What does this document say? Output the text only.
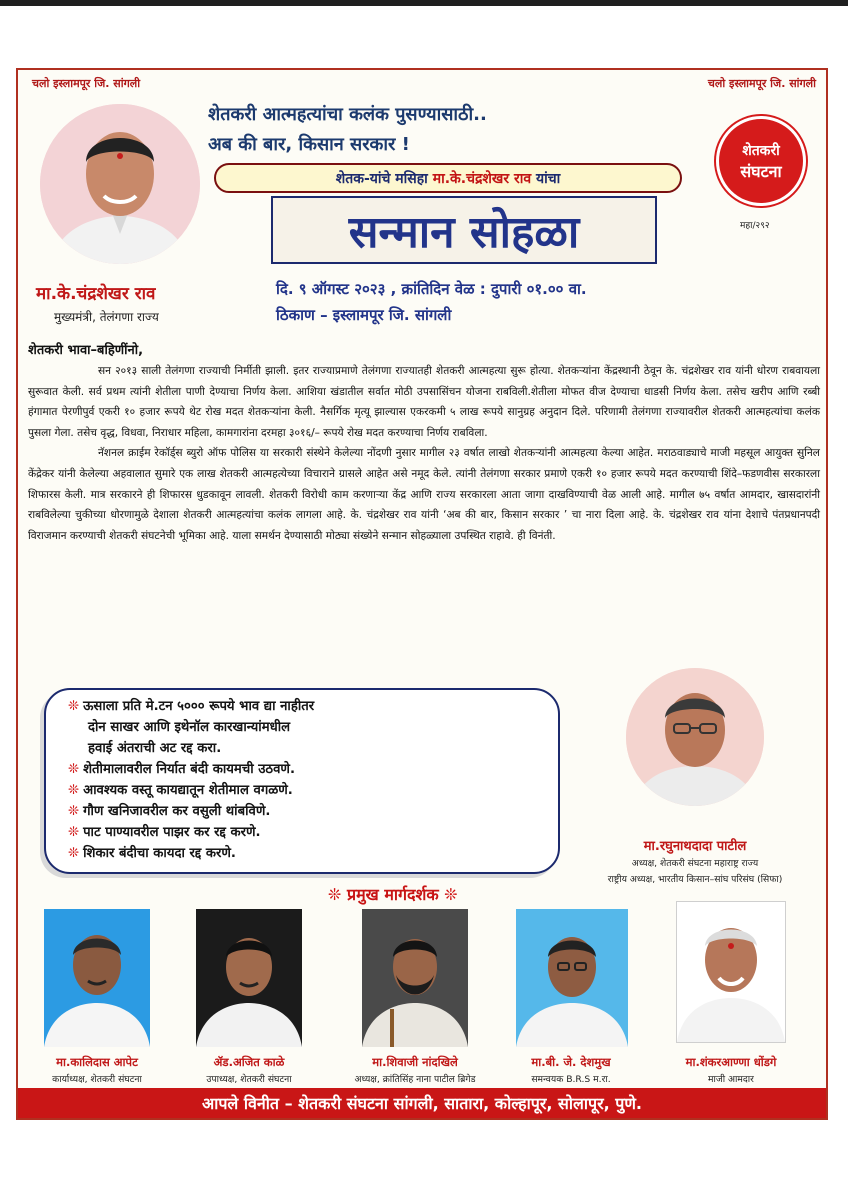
चलो इस्लामपूर जि. सांगली	चलो इस्लामपूर जि. सांगली
शेतकरी आत्महत्यांचा कलंक पुसण्यासाठी..
अब की बार, किसान सरकार !
शेतक-यांचे मसिहा
मा.के.चंद्रशेखर राव
यांचा
सन्मान सोहळा
शेतकरी
संघटना
महा/२९२
मा.के.चंद्रशेखर राव
मुख्यमंत्री, तेलंगणा राज्य
दि. ९ ऑगस्ट २०२३ , क्रांतिदिन वेळ : दुपारी ०१.०० वा.
ठिकाण – इस्लामपूर जि. सांगली
शेतकरी भावा–बहिणींनो,

सन २०१३ साली तेलंगणा राज्याची निर्मीती झाली. इतर राज्याप्रमाणे तेलंगणा राज्यातही शेतकरी आत्महत्या सुरू होत्या. शेतकऱ्यांना केंद्रस्थानी ठेवून के. चंद्रशेखर राव यांनी धोरण राबवायला सुरूवात केली. सर्व प्रथम त्यांनी शेतीला पाणी देण्याचा निर्णय केला. आशिया खंडातील सर्वात मोठी उपसासिंचन योजना राबविली.शेतीला मोफत वीज देण्याचा धाडसी निर्णय केला. तसेच खरीप आणि रब्बी हंगामात पेरणीपुर्व एकरी १० हजार रूपये थेट रोख मदत शेतकऱ्यांना केली. नैसर्गिक मृत्यू झाल्यास एकरकमी ५ लाख रूपये सानुग्रह अनुदान दिले. परिणामी तेलंगणा राज्यावरील शेतकरी आत्महत्यांचा कलंक पुसला गेला. तसेच वृद्ध, विधवा, निराधार महिला, कामगारांना दरमहा ३०१६/– रूपये रोख मदत करण्याचा निर्णय राबविला.

नॅशनल क्राईम रेकॉर्ड्स ब्युरो ऑफ पोलिस या सरकारी संस्थेने केलेल्या नोंदणी नुसार मागील २३ वर्षात लाखो शेतकऱ्यांनी आत्महत्या केल्या आहेत. मराठवाड्याचे माजी महसूल आयुक्त सुनिल केंद्रेकर यांनी केलेल्या अहवालात सुमारे एक लाख शेतकरी आत्महत्येच्या विचाराने ग्रासले आहेत असे नमूद केले. त्यांनी तेलंगणा सरकार प्रमाणे एकरी १० हजार रूपये मदत करण्याची शिंदे–फडणवीस सरकारला शिफारस केली. मात्र सरकारने ही शिफारस धुडकावून लावली. शेतकरी विरोधी काम करणाऱ्या केंद्र आणि राज्य सरकारला आता जागा दाखविण्याची वेळ आली आहे. मागील ७५ वर्षात आमदार, खासदारांनी राबविलेल्या चुकीच्या धोरणामुळे देशाला शेतकरी आत्महत्यांचा कलंक लागला आहे. के. चंद्रशेखर राव यांनी ‘अब की बार, किसान सरकार ’ चा नारा दिला आहे. के. चंद्रशेखर राव यांना देशाचे पंतप्रधानपदी विराजमान करण्याची शेतकरी संघटनेची भूमिका आहे. याला समर्थन देण्यासाठी मोठ्या संख्येने सन्मान सोहळ्याला उपस्थित राहावे. ही विनंती.

❊ ऊसाला प्रति मे.टन ५००० रूपये भाव द्या नाहीतर
दोन साखर आणि इथेनॉल कारखान्यांमधील
हवाई अंतराची अट रद्द करा.
❊ शेतीमालावरील निर्यात बंदी कायमची उठवणे.
❊ आवश्यक वस्तू कायद्यातून शेतीमाल वगळणे.
❊ गौण खनिजावरील कर वसुली थांबविणे.
❊ पाट पाण्यावरील पाझर कर रद्द करणे.
❊ शिकार बंदीचा कायदा रद्द करणे.	मा.रघुनाथदादा पाटील
अध्यक्ष, शेतकरी संघटना महाराष्ट्र राज्य
राष्ट्रीय अध्यक्ष, भारतीय किसान–सांघ परिसंघ (सिफा)
❊ प्रमुख मार्गदर्शक ❊
मा.कालिदास आपेट
कार्याध्यक्ष, शेतकरी संघटना
ॲड.अजित काळे
उपाध्यक्ष, शेतकरी संघटना
मा.शिवाजी नांदखिले
अध्यक्ष, क्रांतिसिंह नाना पाटील ब्रिगेड
मा.बी. जे. देशमुख
समन्वयक B.R.S म.रा.
मा.शंकरआण्णा धोंडगे
माजी आमदार
आपले विनीत – शेतकरी संघटना सांगली, सातारा, कोल्हापूर, सोलापूर, पुणे.
